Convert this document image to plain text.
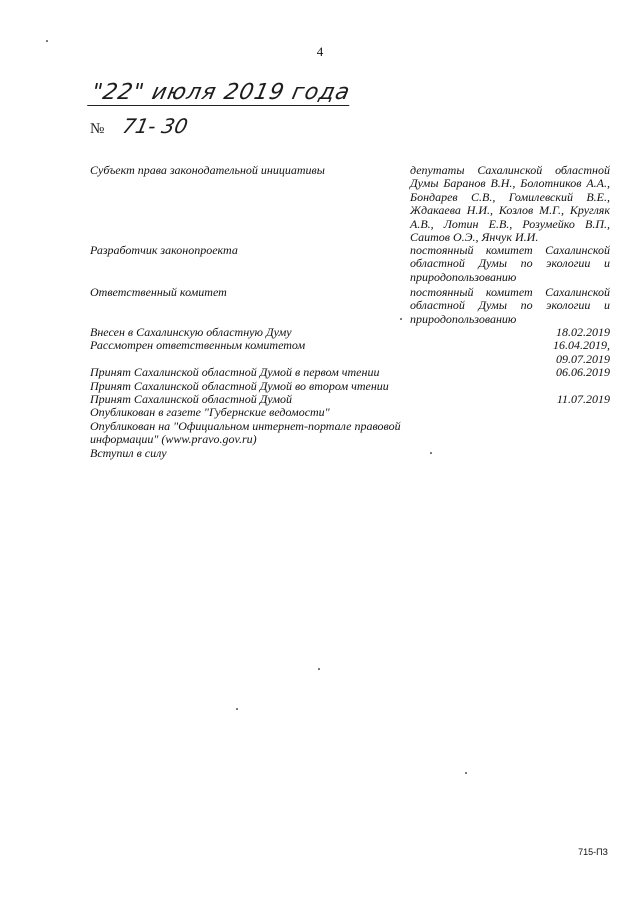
4
"22" июля 2019 года
№ 71- 30
Субъект права законодательной инициативы	депутаты Сахалинской областной Думы Баранов В.Н., Болотников А.А., Бондарев С.В., Гомилевский В.Е., Ждакаева Н.И., Козлов М.Г., Кругляк А.В., Лотин Е.В., Розумейко В.П., Саитов О.Э., Янчук И.И.
Разработчик законопроекта	постоянный комитет Сахалинской областной Думы по экологии и природопользованию
Ответственный комитет	постоянный комитет Сахалинской областной Думы по экологии и природопользованию
Внесен в Сахалинскую областную Думу	18.02.2019
Рассмотрен ответственным комитетом	16.04.2019,
09.07.2019
Принят Сахалинской областной Думой в первом чтении	06.06.2019
Принят Сахалинской областной Думой во втором чтении
Принят Сахалинской областной Думой	11.07.2019
Опубликован в газете "Губернские ведомости"
Опубликован на "Официальном интернет-портале правовой информации" (www.pravo.gov.ru)
Вступил в силу
715-ПЗ
